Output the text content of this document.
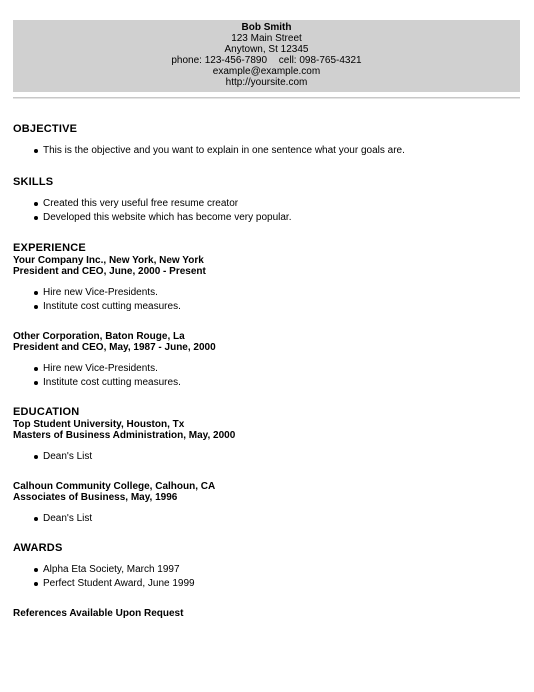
Bob Smith
123 Main Street
Anytown, St 12345
phone: 123-456-7890 cell: 098-765-4321
example@example.com
http://yoursite.com
OBJECTIVE
This is the objective and you want to explain in one sentence what your goals are.
SKILLS
Created this very useful free resume creator
Developed this website which has become very popular.
EXPERIENCE
Your Company Inc., New York, New York
President and CEO, June, 2000 - Present
Hire new Vice-Presidents.
Institute cost cutting measures.
Other Corporation, Baton Rouge, La
President and CEO, May, 1987 - June, 2000
Hire new Vice-Presidents.
Institute cost cutting measures.
EDUCATION
Top Student University, Houston, Tx
Masters of Business Administration, May, 2000
Dean's List
Calhoun Community College, Calhoun, CA
Associates of Business, May, 1996
Dean's List
AWARDS
Alpha Eta Society, March 1997
Perfect Student Award, June 1999
References Available Upon Request
